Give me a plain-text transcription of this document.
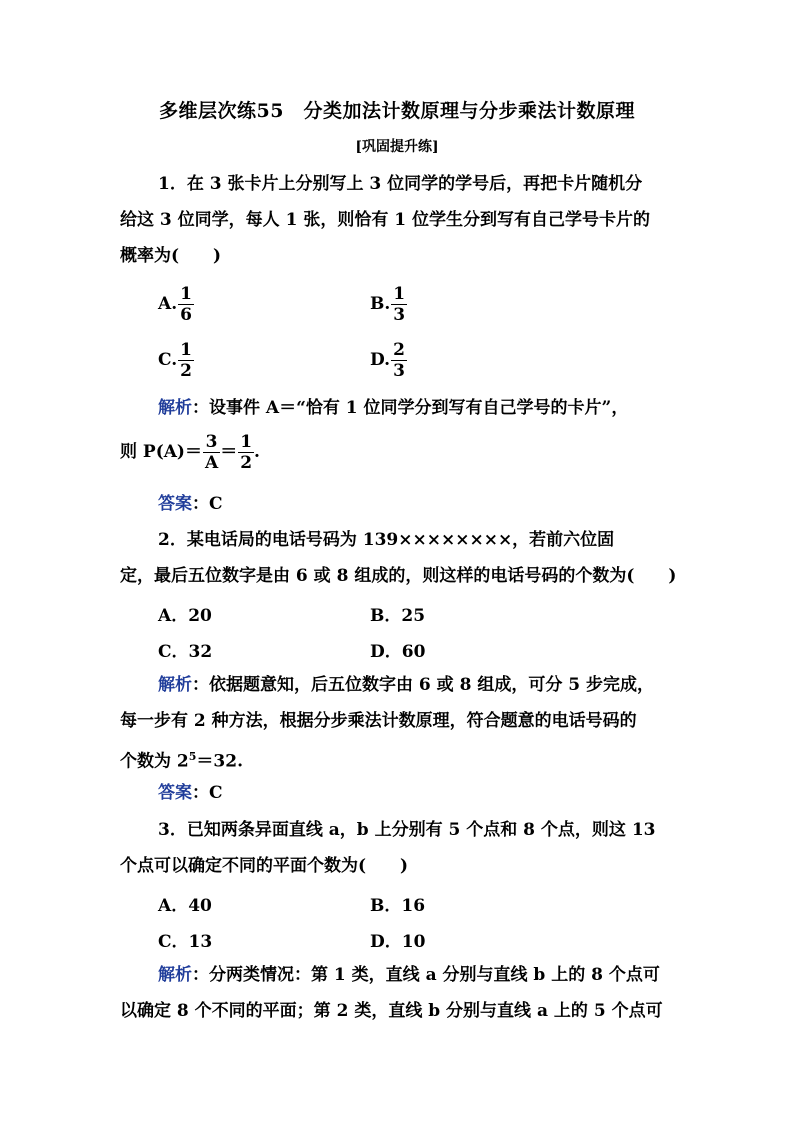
多维层次练55　分类加法计数原理与分步乘法计数原理
[巩固提升练]
1．在 3 张卡片上分别写上 3 位同学的学号后，再把卡片随机分
给这 3 位同学，每人 1 张，则恰有 1 位学生分到写有自己学号卡片的
概率为(　　)
A. $\frac{1}{6}$	B. $\frac{1}{3}$
C. $\frac{1}{2}$	D. $\frac{2}{3}$
解析：设事件 A＝“恰有 1 位同学分到写有自己学号的卡片”，
则 $P(A)= \frac{3}{A} = \frac{1}{2}$ .
答案：C
2．某电话局的电话号码为 139××××××××，若前六位固
定，最后五位数字是由 6 或 8 组成的，则这样的电话号码的个数为(　　)
A．20	B．25
C．32	D．60
解析：依据题意知，后五位数字由 6 或 8 组成，可分 5 步完成，
每一步有 2 种方法，根据分步乘法计数原理，符合题意的电话号码的
个数为 $2^5=32$.
答案：C
3．已知两条异面直线 a，b 上分别有 5 个点和 8 个点，则这 13
个点可以确定不同的平面个数为(　　)
A．40	B．16
C．13	D．10
解析：分两类情况：第 1 类，直线 a 分别与直线 b 上的 8 个点可
以确定 8 个不同的平面；第 2 类，直线 b 分别与直线 a 上的 5 个点可
